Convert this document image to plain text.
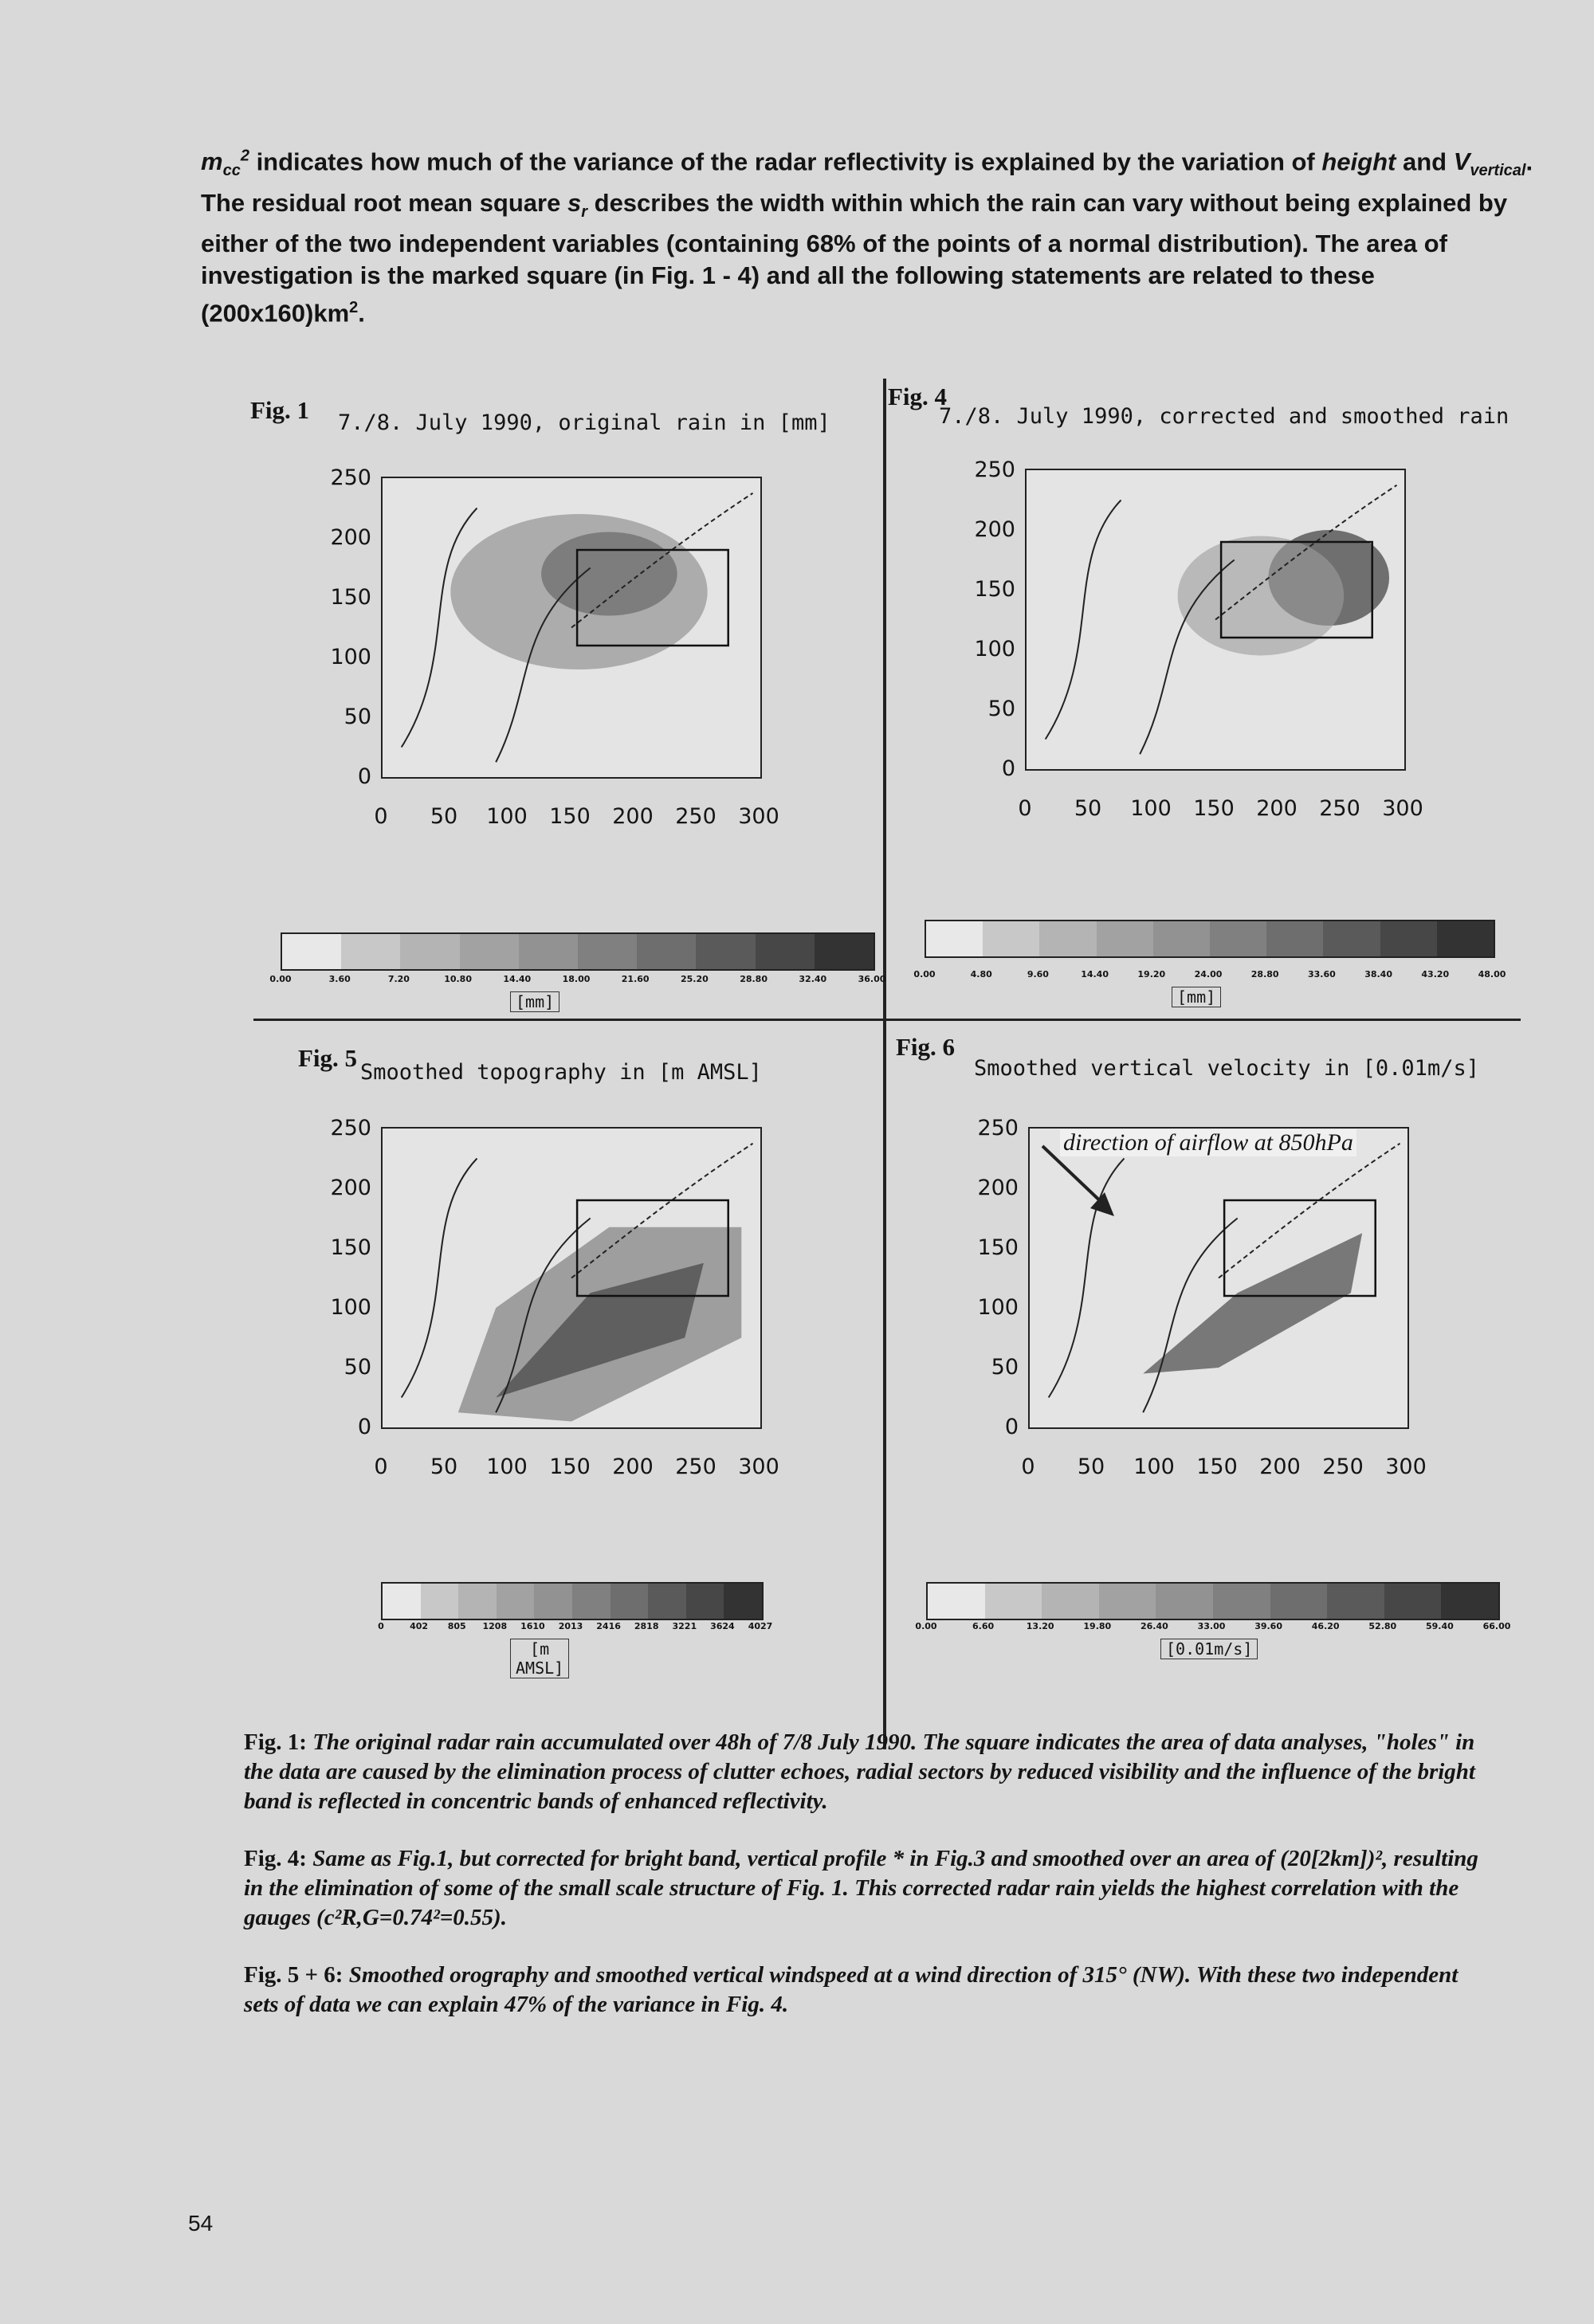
$m_{cc}^2$ indicates how much of the variance of the radar reflectivity is explained by the variation of height and $V_{vertical}$. The residual root mean square $s_r$ describes the width within which the rain can vary without being explained by either of the two independent variables (containing 68% of the points of a normal distribution). The area of investigation is the marked square (in Fig. 1 - 4) and all the following statements are related to these $(200x160)km^2$.
Fig. 1 7./8. July 1990, original rain in [mm]
Fig. 4
7./8. July 1990, corrected and smoothed rain
Fig. 5
Smoothed topography in [m AMSL]
Fig. 6
Smoothed vertical velocity in [0.01m/s]
250
200
150
100
50
0
0	50	100	150	200	250	300
0.00	3.60	7.20	10.80	14.40	18.00	21.60	25.20	28.80	32.40	36.00
[mm]
250
200
150
100
50
0
0	50	100	150	200	250	300
0.00	4.80	9.60	14.40	19.20	24.00	28.80	33.60	38.40	43.20	48.00
[mm]
250
200
150
100
50
0
0	50	100	150	200	250	300
0	402	805	1208	1610	2013	2416	2818	3221	3624	4027
[m AMSL]
250
200
150
100
50
0
0	50	100	150	200	250	300
0.00	6.60	13.20	19.80	26.40	33.00	39.60	46.20	52.80	59.40	66.00
[0.01m/s]
direction of airflow at 850hPa
Fig. 1: The original radar rain accumulated over 48h of 7/8 July 1990. The square indicates the area of data analyses, "holes" in the data are caused by the elimination process of clutter echoes, radial sectors by reduced visibility and the influence of the bright band is reflected in concentric bands of enhanced reflectivity.
Fig. 4: Same as Fig.1, but corrected for bright band, vertical profile * in Fig.3 and smoothed over an area of (20[2km])², resulting in the elimination of some of the small scale structure of Fig. 1. This corrected radar rain yields the highest correlation with the gauges (c²R,G=0.74²=0.55).
Fig. 5 + 6: Smoothed orography and smoothed vertical windspeed at a wind direction of 315° (NW). With these two independent sets of data we can explain 47% of the variance in Fig. 4.
54
